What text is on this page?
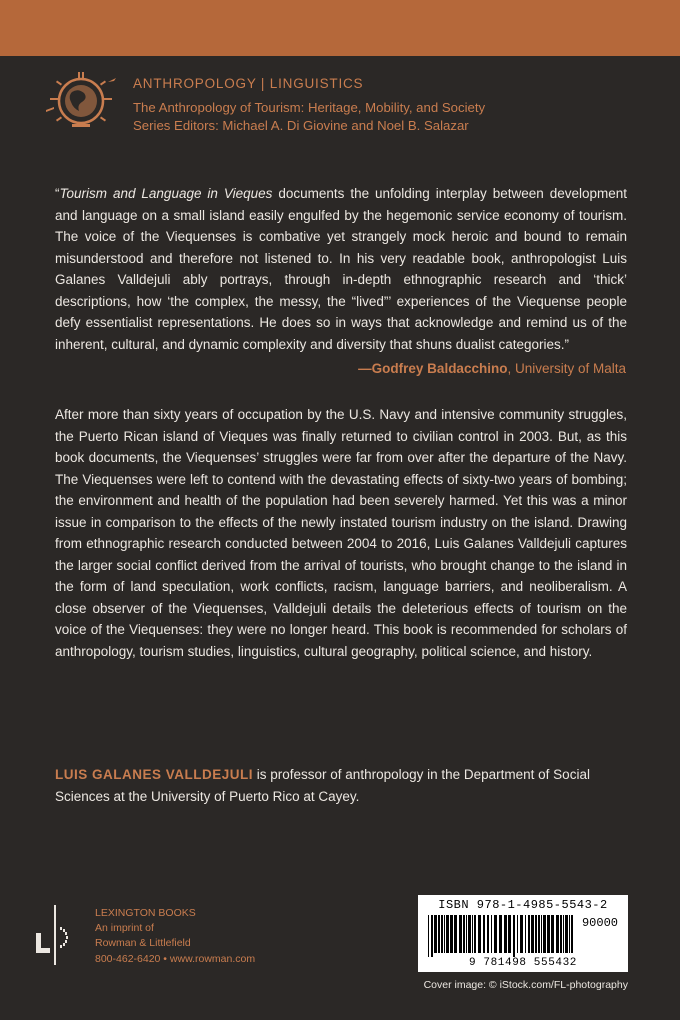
ANTHROPOLOGY | LINGUISTICS
The Anthropology of Tourism: Heritage, Mobility, and Society
Series Editors: Michael A. Di Giovine and Noel B. Salazar
“Tourism and Language in Vieques documents the unfolding interplay between development and language on a small island easily engulfed by the hegemonic service economy of tourism. The voice of the Viequenses is combative yet strangely mock heroic and bound to remain misunderstood and therefore not listened to. In his very readable book, anthropologist Luis Galanes Valldejuli ably portrays, through in-depth ethnographic research and ‘thick’ descriptions, how ‘the complex, the messy, the “lived”’ experiences of the Viequense people defy essentialist representations. He does so in ways that acknowledge and remind us of the inherent, cultural, and dynamic complexity and diversity that shuns dualist categories.”
—Godfrey Baldacchino, University of Malta
After more than sixty years of occupation by the U.S. Navy and intensive community struggles, the Puerto Rican island of Vieques was finally returned to civilian control in 2003. But, as this book documents, the Viequenses’ struggles were far from over after the departure of the Navy. The Viequenses were left to contend with the devastating effects of sixty-two years of bombing; the environment and health of the population had been severely harmed. Yet this was a minor issue in comparison to the effects of the newly instated tourism industry on the island. Drawing from ethnographic research conducted between 2004 to 2016, Luis Galanes Valldejuli captures the larger social conflict derived from the arrival of tourists, who brought change to the island in the form of land speculation, work conflicts, racism, language barriers, and neoliberalism. A close observer of the Viequenses, Valldejuli details the deleterious effects of tourism on the voice of the Viequenses: they were no longer heard. This book is recommended for scholars of anthropology, tourism studies, linguistics, cultural geography, political science, and history.
LUIS GALANES VALLDEJULI is professor of anthropology in the Department of Social Sciences at the University of Puerto Rico at Cayey.
LEXINGTON BOOKS
An imprint of
Rowman & Littlefield
800-462-6420 • www.rowman.com
ISBN 978-1-4985-5543-2
90000
9 781498 555432
Cover image: © iStock.com/FL-photography
